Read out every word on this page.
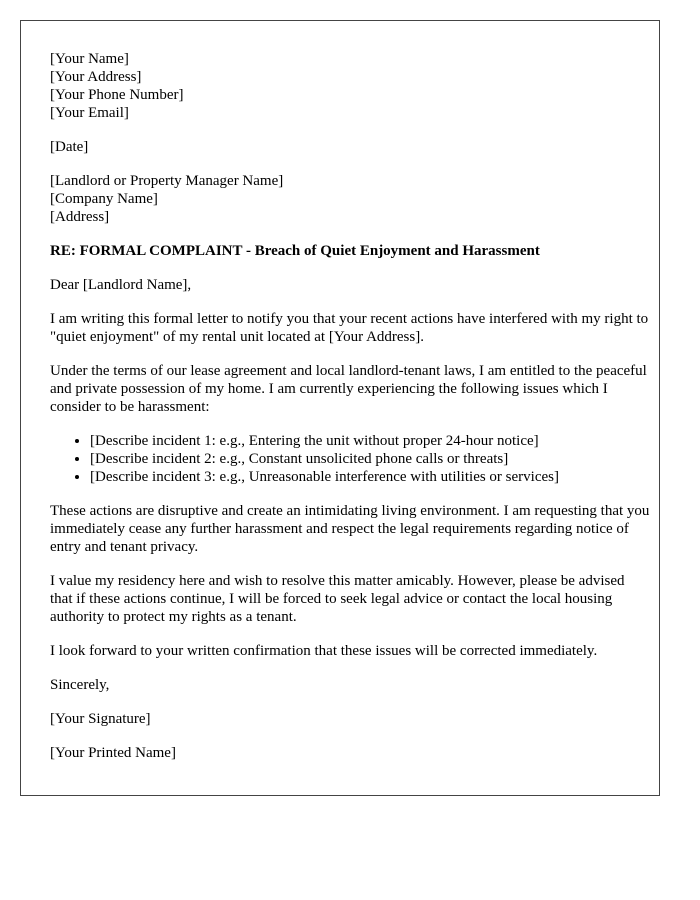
[Your Name]
[Your Address]
[Your Phone Number]
[Your Email]

[Date]

[Landlord or Property Manager Name]
[Company Name]
[Address]

RE: FORMAL COMPLAINT - Breach of Quiet Enjoyment and Harassment

Dear [Landlord Name],

I am writing this formal letter to notify you that your recent actions have interfered with my right to "quiet enjoyment" of my rental unit located at [Your Address].

Under the terms of our lease agreement and local landlord-tenant laws, I am entitled to the peaceful and private possession of my home. I am currently experiencing the following issues which I consider to be harassment:

• [Describe incident 1: e.g., Entering the unit without proper 24-hour notice]
• [Describe incident 2: e.g., Constant unsolicited phone calls or threats]
• [Describe incident 3: e.g., Unreasonable interference with utilities or services]

These actions are disruptive and create an intimidating living environment. I am requesting that you immediately cease any further harassment and respect the legal requirements regarding notice of entry and tenant privacy.

I value my residency here and wish to resolve this matter amicably. However, please be advised that if these actions continue, I will be forced to seek legal advice or contact the local housing authority to protect my rights as a tenant.

I look forward to your written confirmation that these issues will be corrected immediately.

Sincerely,

[Your Signature]

[Your Printed Name]
